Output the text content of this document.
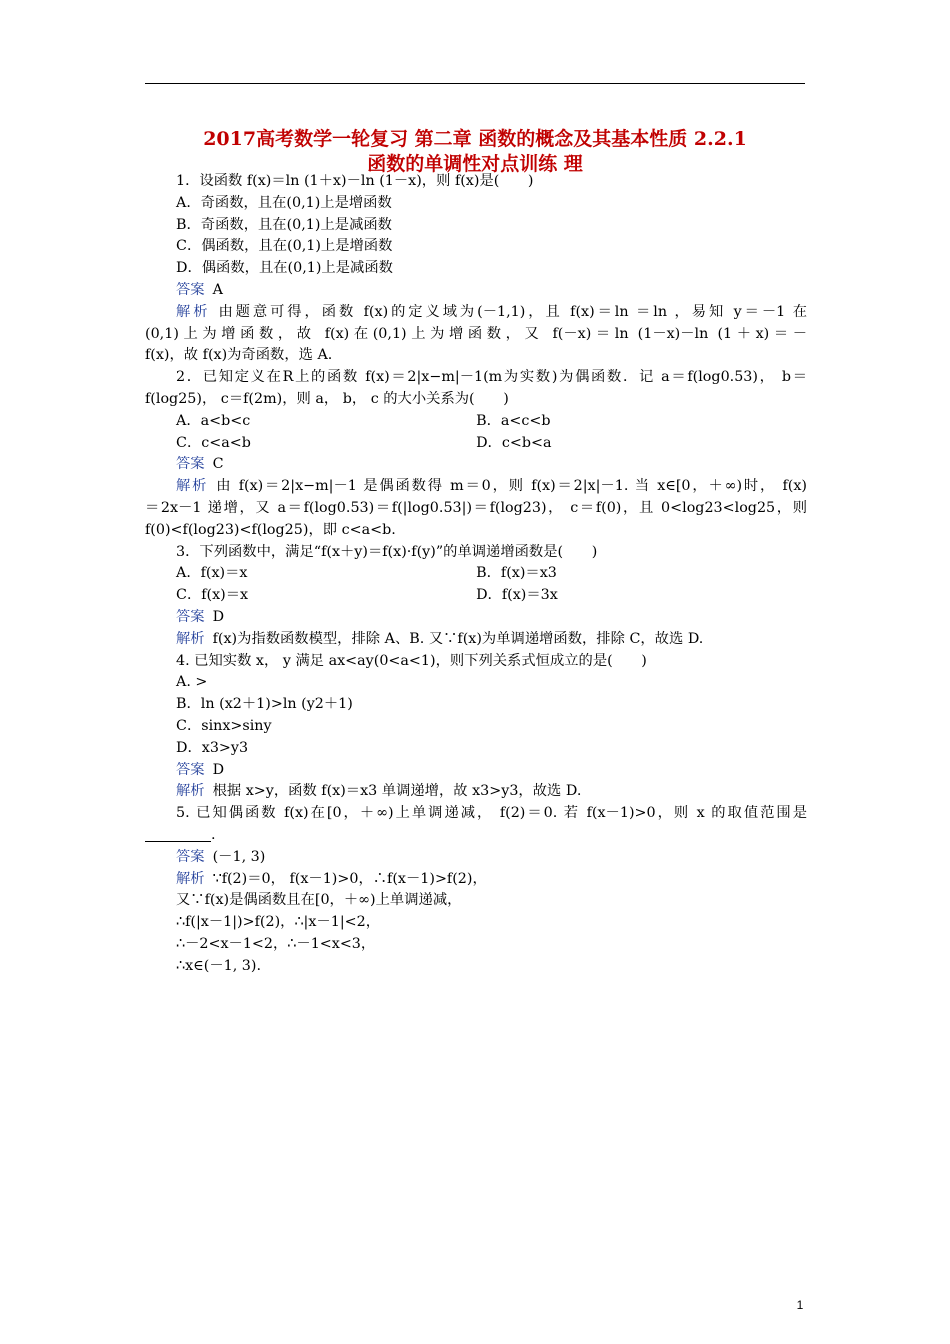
2017高考数学一轮复习 第二章 函数的概念及其基本性质 2.2.1
函数的单调性对点训练 理
1．设函数 f(x)＝ln (1＋x)－ln (1－x)，则 f(x)是(　　)
A．奇函数，且在(0,1)上是增函数
B．奇函数，且在(0,1)上是减函数
C．偶函数，且在(0,1)上是增函数
D．偶函数，且在(0,1)上是减函数
答案 A
解析 由题意可得，函数 f(x)的定义域为(－1,1)，且 f(x)＝ln ＝ln ，易知 y＝－1 在
(0,1)上为增函数，故 f(x)在(0,1)上为增函数，又 f(－x)＝ln (1－x)－ln (1＋x)＝－
f(x)，故 f(x)为奇函数，选 A.
2．已知定义在R上的函数 f(x)＝2|x−m|－1(m为实数)为偶函数．记 a＝f(log0.53)， b＝
f(log25)， c＝f(2m)，则 a， b， c 的大小关系为(　　)
A．a<b<c	B．a<c<b
C．c<a<b	D．c<b<a
答案 C
解析 由 f(x)＝2|x−m|－1 是偶函数得 m＝0，则 f(x)＝2|x|－1. 当 x∈[0，＋∞)时， f(x)
＝2x－1 递增，又 a＝f(log0.53)＝f(|log0.53|)＝f(log23)， c＝f(0)，且 0<log23<log25，则
f(0)<f(log23)<f(log25)，即 c<a<b.
3．下列函数中，满足“f(x＋y)＝f(x)·f(y)”的单调递增函数是(　　)
A．f(x)＝x	B．f(x)＝x3
C．f(x)＝x	D．f(x)＝3x
答案 D
解析 f(x)为指数函数模型，排除 A、B. 又∵f(x)为单调递增函数，排除 C，故选 D.
4. 已知实数 x， y 满足 ax<ay(0<a<1)，则下列关系式恒成立的是(　　)
A. >
B．ln (x2＋1)>ln (y2＋1)
C．sinx>siny
D．x3>y3
答案 D
解析 根据 x>y，函数 f(x)＝x3 单调递增，故 x3>y3，故选 D.
5. 已知偶函数 f(x)在[0，＋∞)上单调递减， f(2)＝0. 若 f(x－1)>0，则 x 的取值范围是
.
答案 (－1, 3)
解析 ∵f(2)＝0， f(x－1)>0，∴f(x－1)>f(2)，
又∵f(x)是偶函数且在[0，＋∞)上单调递减，
∴f(|x－1|)>f(2)，∴|x－1|<2，
∴－2<x－1<2，∴－1<x<3，
∴x∈(－1, 3).
1
